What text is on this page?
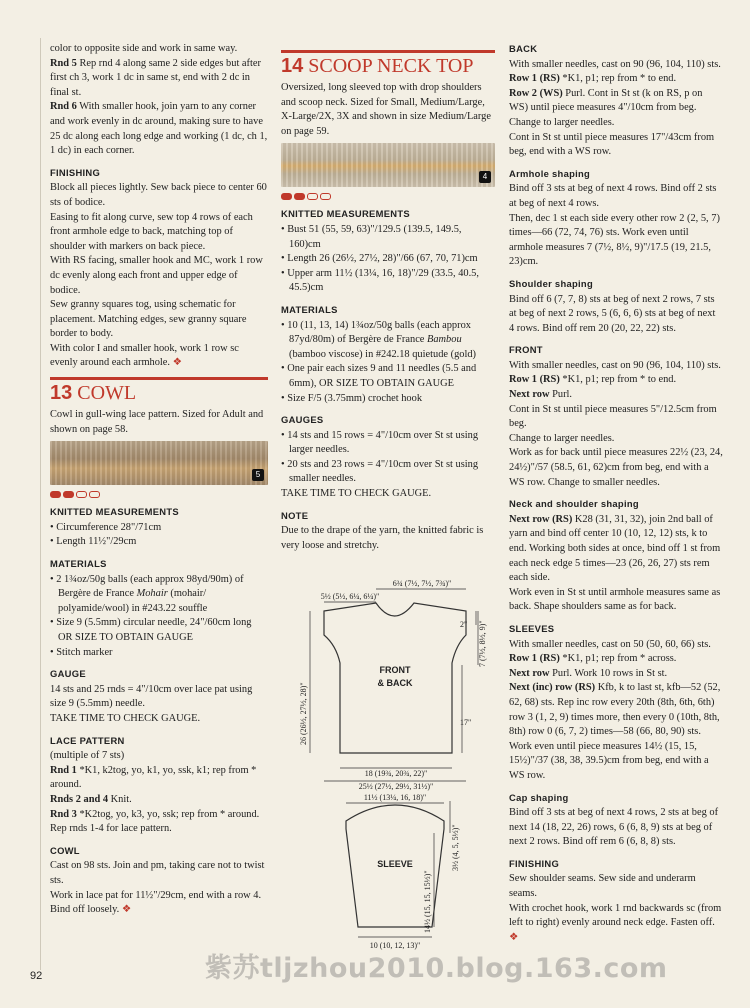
color to opposite side and work in same way.

Rnd 5 Rep rnd 4 along same 2 side edges but after first ch 3, work 1 dc in same st, end with 2 dc in final st.

Rnd 6 With smaller hook, join yarn to any corner and work evenly in dc around, making sure to have 25 dc along each long edge and working (1 dc, ch 1, 1 dc) in each corner.

FINISHING

Block all pieces lightly. Sew back piece to center 60 sts of bodice.

Easing to fit along curve, sew top 4 rows of each front armhole edge to back, matching top of shoulder with markers on back piece.

With RS facing, smaller hook and MC, work 1 row dc evenly along each front and upper edge of bodice.

Sew granny squares tog, using schematic for placement. Matching edges, sew granny square border to body.

With color I and smaller hook, work 1 row sc evenly around each armhole. ❖

13 COWL

Cowl in gull-wing lace pattern. Sized for Adult and shown on page 58.

5
KNITTED MEASUREMENTS

• Circumference 28"/71cm

• Length 11½"/29cm

MATERIALS

• 2 1¾oz/50g balls (each approx 98yd/90m) of Bergère de France Mohair (mohair/ polyamide/wool) in #243.22 souffle

• Size 9 (5.5mm) circular needle, 24"/60cm long OR SIZE TO OBTAIN GAUGE

• Stitch marker

GAUGE

14 sts and 25 rnds = 4"/10cm over lace pat using size 9 (5.5mm) needle.

TAKE TIME TO CHECK GAUGE.

LACE PATTERN

(multiple of 7 sts)

Rnd 1 *K1, k2tog, yo, k1, yo, ssk, k1; rep from * around.

Rnds 2 and 4 Knit.

Rnd 3 *K2tog, yo, k3, yo, ssk; rep from * around.

Rep rnds 1-4 for lace pattern.

COWL

Cast on 98 sts. Join and pm, taking care not to twist sts.

Work in lace pat for 11½"/29cm, end with a row 4. Bind off loosely. ❖

14 SCOOP NECK TOP

Oversized, long sleeved top with drop shoulders and scoop neck. Sized for Small, Medium/Large, X-Large/2X, 3X and shown in size Medium/Large on page 59.

4
KNITTED MEASUREMENTS

• Bust 51 (55, 59, 63)"/129.5 (139.5, 149.5, 160)cm

• Length 26 (26½, 27½, 28)"/66 (67, 70, 71)cm

• Upper arm 11½ (13¼, 16, 18)"/29 (33.5, 40.5, 45.5)cm

MATERIALS

• 10 (11, 13, 14) 1¾oz/50g balls (each approx 87yd/80m) of Bergère de France Bambou (bamboo viscose) in #242.18 quietude (gold)

• One pair each sizes 9 and 11 needles (5.5 and 6mm), OR SIZE TO OBTAIN GAUGE

• Size F/5 (3.75mm) crochet hook

GAUGES

• 14 sts and 15 rows = 4"/10cm over St st using larger needles.

• 20 sts and 23 rows = 4"/10cm over St st using smaller needles.

TAKE TIME TO CHECK GAUGE.

NOTE

Due to the drape of the yarn, the knitted fabric is very loose and stretchy.

FRONT
& BACK
6¾ (7½, 7½, 7¾)"
5½ (5½, 6¼, 6¼)"
2" 7 (7½, 8½, 9)"
17"
26 (26½, 27½, 28)"
18 (19¾, 20¾, 22)"
25½ (27½, 29½, 31½)"
SLEEVE
11½ (13¼, 16, 18)"
3½ (4, 5, 5½)"
14½ (15, 15, 15½)"
10 (10, 12, 13)"
BACK

With smaller needles, cast on 90 (96, 104, 110) sts.

Row 1 (RS) *K1, p1; rep from * to end.

Row 2 (WS) Purl. Cont in St st (k on RS, p on WS) until piece measures 4"/10cm from beg.

Change to larger needles.

Cont in St st until piece measures 17"/43cm from beg, end with a WS row.

Armhole shaping

Bind off 3 sts at beg of next 4 rows. Bind off 2 sts at beg of next 4 rows.

Then, dec 1 st each side every other row 2 (2, 5, 7) times—66 (72, 74, 76) sts. Work even until armhole measures 7 (7½, 8½, 9)"/17.5 (19, 21.5, 23)cm.

Shoulder shaping

Bind off 6 (7, 7, 8) sts at beg of next 2 rows, 7 sts at beg of next 2 rows, 5 (6, 6, 6) sts at beg of next 4 rows. Bind off rem 20 (20, 22, 22) sts.

FRONT

With smaller needles, cast on 90 (96, 104, 110) sts.

Row 1 (RS) *K1, p1; rep from * to end.

Next row Purl.

Cont in St st until piece measures 5"/12.5cm from beg.

Change to larger needles.

Work as for back until piece measures 22½ (23, 24, 24½)"/57 (58.5, 61, 62)cm from beg, end with a WS row. Change to smaller needles.

Neck and shoulder shaping

Next row (RS) K28 (31, 31, 32), join 2nd ball of yarn and bind off center 10 (10, 12, 12) sts, k to end. Working both sides at once, bind off 1 st from each neck edge 5 times—23 (26, 26, 27) sts rem each side.

Work even in St st until armhole measures same as back. Shape shoulders same as for back.

SLEEVES

With smaller needles, cast on 50 (50, 60, 66) sts.

Row 1 (RS) *K1, p1; rep from * across.

Next row Purl. Work 10 rows in St st.

Next (inc) row (RS) Kfb, k to last st, kfb—52 (52, 62, 68) sts. Rep inc row every 20th (8th, 6th, 6th) row 3 (1, 2, 9) times more, then every 0 (10th, 8th, 8th) row 0 (6, 7, 2) times—58 (66, 80, 90) sts.

Work even until piece measures 14½ (15, 15, 15½)"/37 (38, 38, 39.5)cm from beg, end with a WS row.

Cap shaping

Bind off 3 sts at beg of next 4 rows, 2 sts at beg of next 14 (18, 22, 26) rows, 6 (6, 8, 9) sts at beg of next 2 rows. Bind off rem 6 (6, 8, 8) sts.

FINISHING

Sew shoulder seams. Sew side and underarm seams.

With crochet hook, work 1 rnd backwards sc (from left to right) evenly around neck edge. Fasten off. ❖

紫苏tljzhou2010.blog.163.com
92
